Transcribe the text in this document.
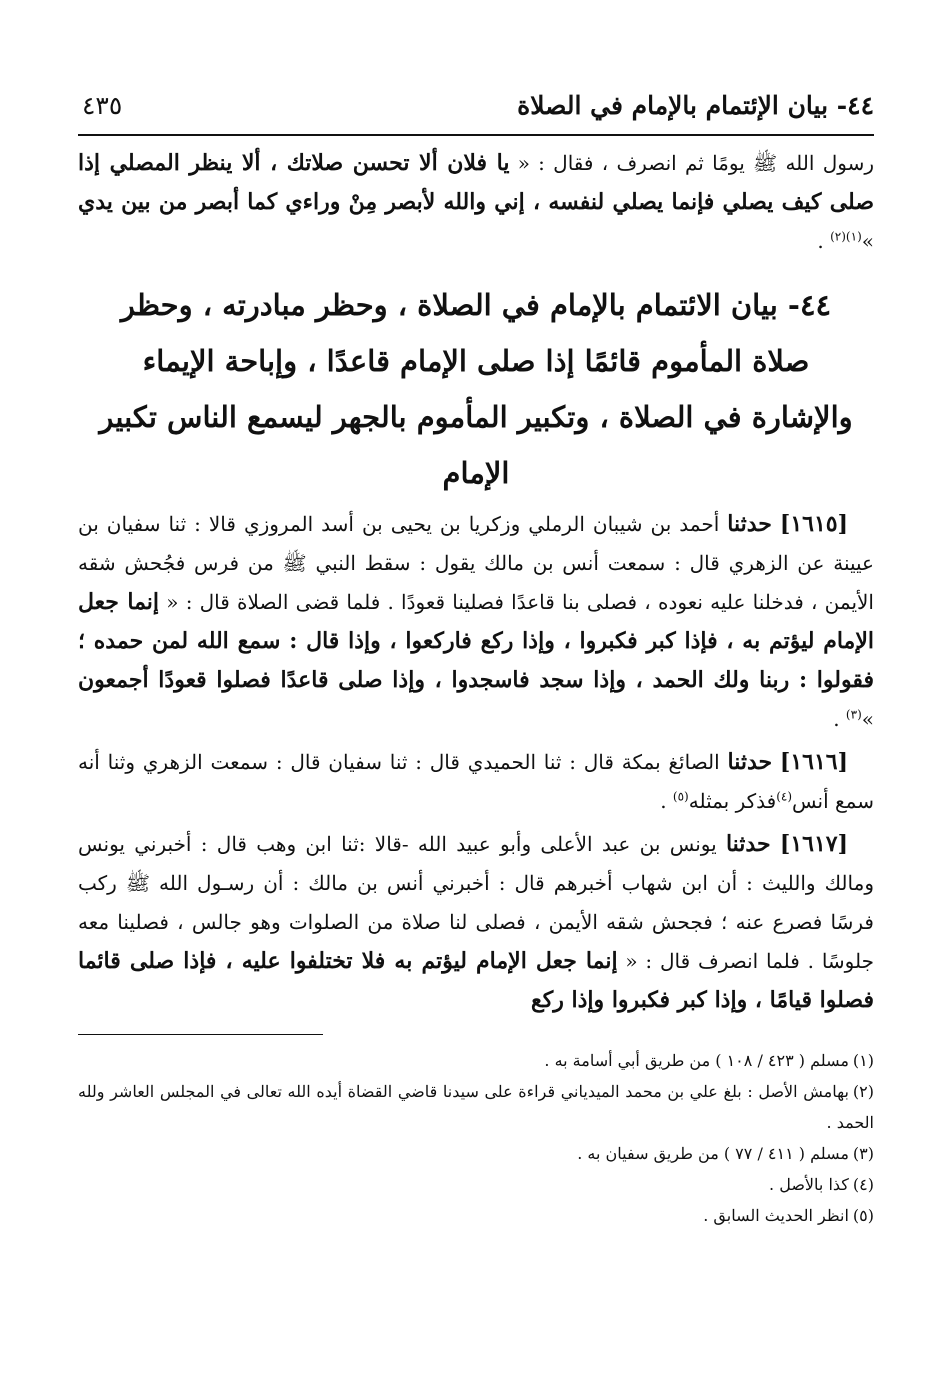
٤٤- بيان الإئتمام بالإمام في الصلاة
٤٣٥

رسول الله ﷺ يومًا ثم انصرف ، فقال : « يا فلان ألا تحسن صلاتك ، ألا ينظر المصلي إذا صلى كيف يصلي فإنما يصلي لنفسه ، إني والله لأبصر مِنْ وراءي كما أبصر من بين يدي »$^{(١)(٢)}$ .

٤٤- بيان الائتمام بالإمام في الصلاة ، وحظر مبادرته ، وحظر صلاة المأموم قائمًا إذا صلى الإمام قاعدًا ، وإباحة الإيماء والإشارة في الصلاة ، وتكبير المأموم بالجهر ليسمع الناس تكبير الإمام

[١٦١٥] حدثنا أحمد بن شيبان الرملي وزكريا بن يحيى بن أسد المروزي قالا : ثنا سفيان بن عيينة عن الزهري قال : سمعت أنس بن مالك يقول : سقط النبي ﷺ من فرس فجُحش شقه الأيمن ، فدخلنا عليه نعوده ، فصلى بنا قاعدًا فصلينا قعودًا . فلما قضى الصلاة قال : « إنما جعل الإمام ليؤتم به ، فإذا كبر فكبروا ، وإذا ركع فاركعوا ، وإذا قال : سمع الله لمن حمده ؛ فقولوا : ربنا ولك الحمد ، وإذا سجد فاسجدوا ، وإذا صلى قاعدًا فصلوا قعودًا أجمعون »$^{(٣)}$ .

[١٦١٦] حدثنا الصائغ بمكة قال : ثنا الحميدي قال : ثنا سفيان قال : سمعت الزهري وثنا أنه سمع أنس$^{(٤)}$فذكر بمثله$^{(٥)}$ .

[١٦١٧] حدثنا يونس بن عبد الأعلى وأبو عبيد الله -قالا :ثنا ابن وهب قال : أخبرني يونس ومالك والليث : أن ابن شهاب أخبرهم قال : أخبرني أنس بن مالك : أن رسـول الله ﷺ ركب فرسًا فصرع عنه ؛ فجحش شقه الأيمن ، فصلى لنا صلاة من الصلوات وهو جالس ، فصلينا معه جلوسًا . فلما انصرف قال : « إنما جعل الإمام ليؤتم به فلا تختلفوا عليه ، فإذا صلى قائما فصلوا قيامًا ، وإذا كبر فكبروا وإذا ركع

(١)مسلم ( ٤٢٣ / ١٠٨ ) من طريق أبي أسامة به .

(٢)بهامش الأصل : بلغ علي بن محمد الميدياني قراءة على سيدنا قاضي القضاة أيده الله تعالى في المجلس العاشر ولله الحمد .

(٣)مسلم ( ٤١١ / ٧٧ ) من طريق سفيان به .

(٤)كذا بالأصل .

(٥)انظر الحديث السابق .
